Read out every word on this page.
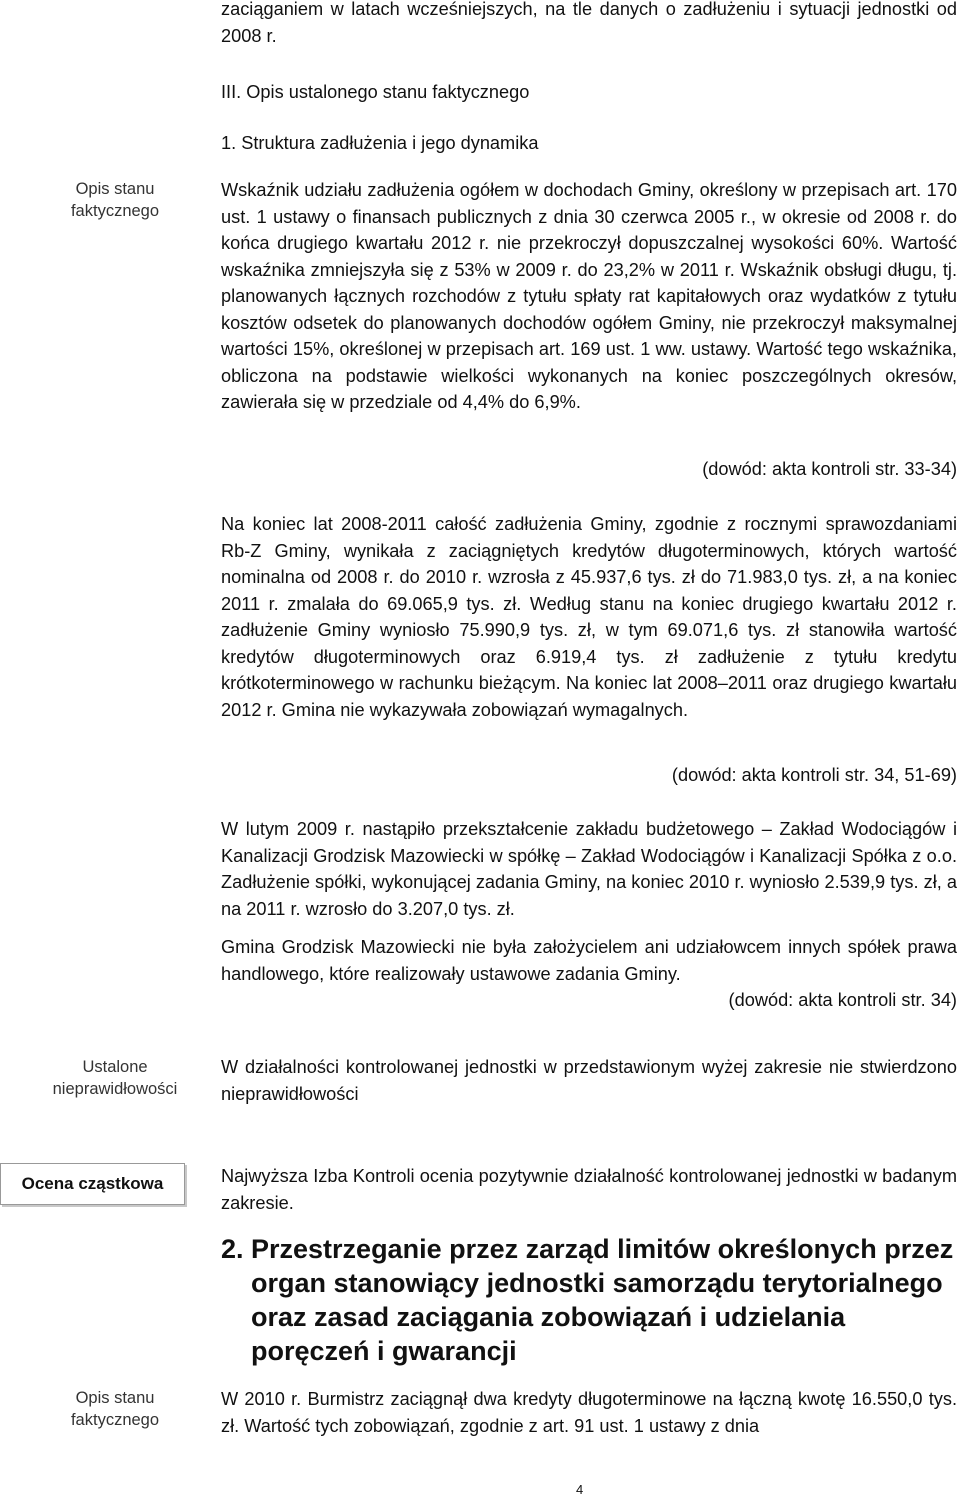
zaciąganiem w latach wcześniejszych, na tle danych o zadłużeniu i sytuacji jednostki od 2008 r.

III. Opis ustalonego stanu faktycznego
1. Struktura zadłużenia i jego dynamika
Opis stanu faktycznego

Wskaźnik udziału zadłużenia ogółem w dochodach Gminy, określony w przepisach art. 170 ust. 1 ustawy o finansach publicznych z dnia 30 czerwca 2005 r., w okresie od 2008 r. do końca drugiego kwartału 2012 r. nie przekroczył dopuszczalnej wysokości 60%. Wartość wskaźnika zmniejszyła się z 53% w 2009 r. do 23,2% w 2011 r. Wskaźnik obsługi długu, tj. planowanych łącznych rozchodów z tytułu spłaty rat kapitałowych oraz wydatków z tytułu kosztów odsetek do planowanych dochodów ogółem Gminy, nie przekroczył maksymalnej wartości 15%, określonej w przepisach art. 169 ust. 1 ww. ustawy. Wartość tego wskaźnika, obliczona na podstawie wielkości wykonanych na koniec poszczególnych okresów, zawierała się w przedziale od 4,4% do 6,9%.

(dowód: akta kontroli str. 33-34)

Na koniec lat 2008-2011 całość zadłużenia Gminy, zgodnie z rocznymi sprawozdaniami Rb-Z Gminy, wynikała z zaciągniętych kredytów długoterminowych, których wartość nominalna od 2008 r. do 2010 r. wzrosła z 45.937,6 tys. zł do 71.983,0 tys. zł, a na koniec 2011 r. zmalała do 69.065,9 tys. zł. Według stanu na koniec drugiego kwartału 2012 r. zadłużenie Gminy wyniosło 75.990,9 tys. zł, w tym 69.071,6 tys. zł stanowiła wartość kredytów długoterminowych oraz 6.919,4 tys. zł zadłużenie z tytułu kredytu krótkoterminowego w rachunku bieżącym. Na koniec lat 2008–2011 oraz drugiego kwartału 2012 r. Gmina nie wykazywała zobowiązań wymagalnych.

(dowód: akta kontroli str. 34, 51-69)

W lutym 2009 r. nastąpiło przekształcenie zakładu budżetowego – Zakład Wodociągów i Kanalizacji Grodzisk Mazowiecki w spółkę – Zakład Wodociągów i Kanalizacji Spółka z o.o. Zadłużenie spółki, wykonującej zadania Gminy, na koniec 2010 r. wyniosło 2.539,9 tys. zł, a na 2011 r. wzrosło do 3.207,0 tys. zł.

Gmina Grodzisk Mazowiecki nie była założycielem ani udziałowcem innych spółek prawa handlowego, które realizowały ustawowe zadania Gminy.

(dowód: akta kontroli str. 34)

Ustalone nieprawidłowości

W działalności kontrolowanej jednostki w przedstawionym wyżej zakresie nie stwierdzono nieprawidłowości

Ocena cząstkowa	Najwyższa Izba Kontroli ocenia pozytywnie działalność kontrolowanej jednostki w badanym zakresie.

2. Przestrzeganie przez zarząd limitów określonych przez organ stanowiący jednostki samorządu terytorialnego oraz zasad zaciągania zobowiązań i udzielania poręczeń i gwarancji
Opis stanu faktycznego

W 2010 r. Burmistrz zaciągnął dwa kredyty długoterminowe na łączną kwotę 16.550,0 tys. zł. Wartość tych zobowiązań, zgodnie z art. 91 ust. 1 ustawy z dnia

4
